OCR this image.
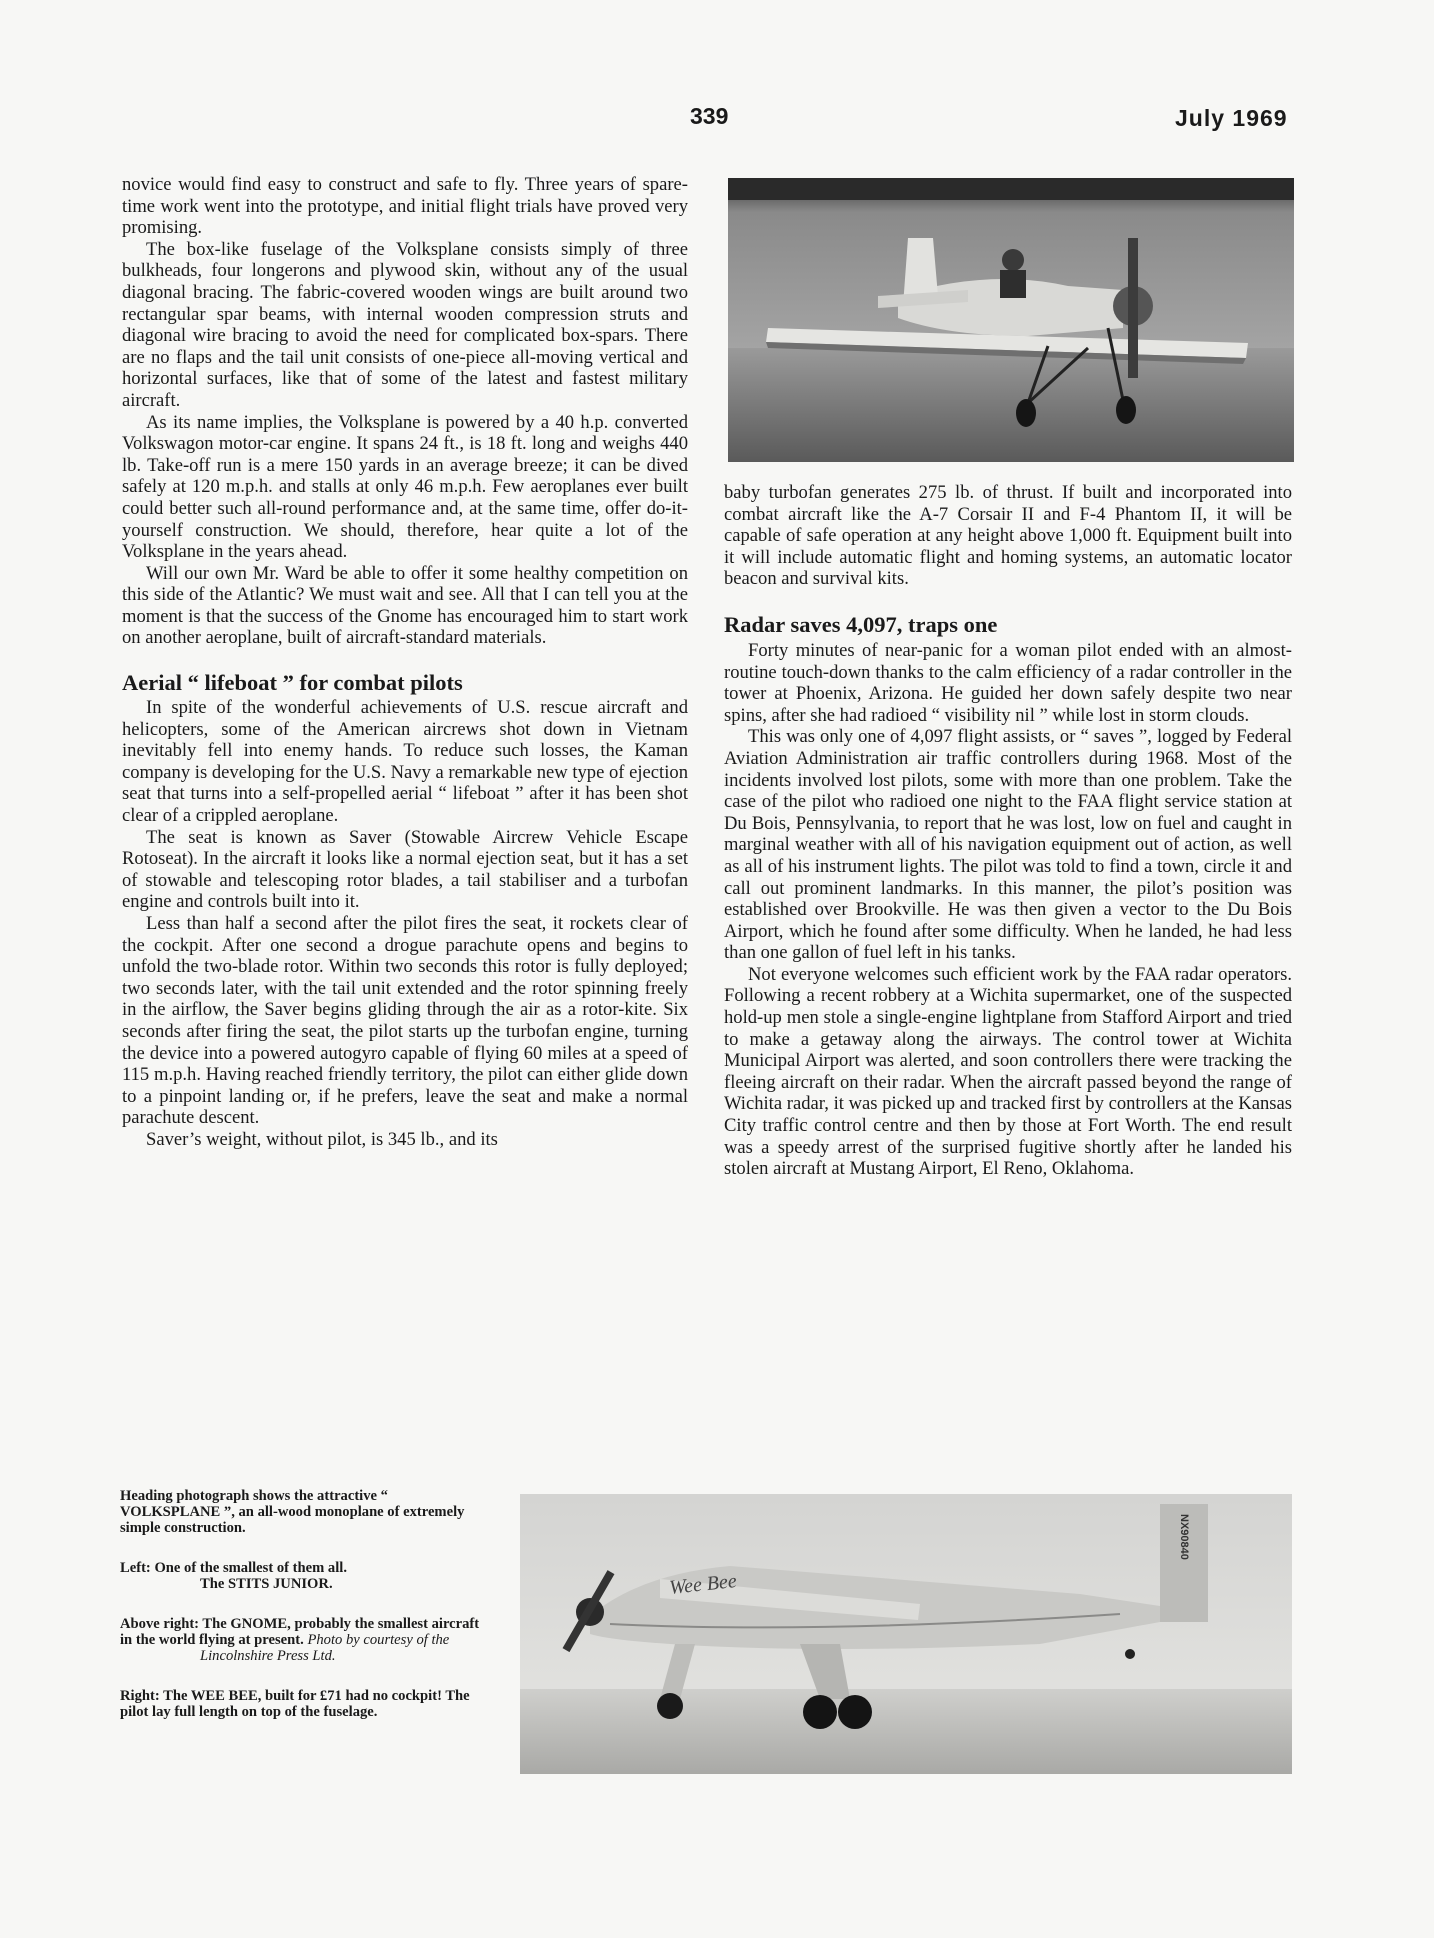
339	July 1969

novice would find easy to construct and safe to fly. Three years of spare-time work went into the prototype, and initial flight trials have proved very promising.

The box-like fuselage of the Volksplane consists simply of three bulkheads, four longerons and plywood skin, without any of the usual diagonal bracing. The fabric-covered wooden wings are built around two rectangular spar beams, with internal wooden compression struts and diagonal wire bracing to avoid the need for complicated box-spars. There are no flaps and the tail unit consists of one-piece all-moving vertical and horizontal surfaces, like that of some of the latest and fastest military aircraft.

As its name implies, the Volksplane is powered by a 40 h.p. converted Volkswagon motor-car engine. It spans 24 ft., is 18 ft. long and weighs 440 lb. Take-off run is a mere 150 yards in an average breeze; it can be dived safely at 120 m.p.h. and stalls at only 46 m.p.h. Few aeroplanes ever built could better such all-round performance and, at the same time, offer do-it-yourself construction. We should, therefore, hear quite a lot of the Volksplane in the years ahead.

Will our own Mr. Ward be able to offer it some healthy competition on this side of the Atlantic? We must wait and see. All that I can tell you at the moment is that the success of the Gnome has encouraged him to start work on another aeroplane, built of aircraft-standard materials.

Aerial “ lifeboat ” for combat pilots

In spite of the wonderful achievements of U.S. rescue aircraft and helicopters, some of the American aircrews shot down in Vietnam inevitably fell into enemy hands. To reduce such losses, the Kaman company is developing for the U.S. Navy a remarkable new type of ejection seat that turns into a self-propelled aerial “ lifeboat ” after it has been shot clear of a crippled aeroplane.

The seat is known as Saver (Stowable Aircrew Vehicle Escape Rotoseat). In the aircraft it looks like a normal ejection seat, but it has a set of stowable and telescoping rotor blades, a tail stabiliser and a turbofan engine and controls built into it.

Less than half a second after the pilot fires the seat, it rockets clear of the cockpit. After one second a drogue parachute opens and begins to unfold the two-blade rotor. Within two seconds this rotor is fully deployed; two seconds later, with the tail unit extended and the rotor spinning freely in the airflow, the Saver begins gliding through the air as a rotor-kite. Six seconds after firing the seat, the pilot starts up the turbofan engine, turning the device into a powered autogyro capable of flying 60 miles at a speed of 115 m.p.h. Having reached friendly territory, the pilot can either glide down to a pinpoint landing or, if he prefers, leave the seat and make a normal parachute descent.

Saver’s weight, without pilot, is 345 lb., and its

baby turbofan generates 275 lb. of thrust. If built and incorporated into combat aircraft like the A-7 Corsair II and F-4 Phantom II, it will be capable of safe operation at any height above 1,000 ft. Equipment built into it will include automatic flight and homing systems, an automatic locator beacon and survival kits.

Radar saves 4,097, traps one

Forty minutes of near-panic for a woman pilot ended with an almost-routine touch-down thanks to the calm efficiency of a radar controller in the tower at Phoenix, Arizona. He guided her down safely despite two near spins, after she had radioed “ visibility nil ” while lost in storm clouds.

This was only one of 4,097 flight assists, or “ saves ”, logged by Federal Aviation Administration air traffic controllers during 1968. Most of the incidents involved lost pilots, some with more than one problem. Take the case of the pilot who radioed one night to the FAA flight service station at Du Bois, Pennsylvania, to report that he was lost, low on fuel and caught in marginal weather with all of his navigation equipment out of action, as well as all of his instrument lights. The pilot was told to find a town, circle it and call out prominent landmarks. In this manner, the pilot’s position was established over Brookville. He was then given a vector to the Du Bois Airport, which he found after some difficulty. When he landed, he had less than one gallon of fuel left in his tanks.

Not everyone welcomes such efficient work by the FAA radar operators. Following a recent robbery at a Wichita supermarket, one of the suspected hold-up men stole a single-engine lightplane from Stafford Airport and tried to make a getaway along the airways. The control tower at Wichita Municipal Airport was alerted, and soon controllers there were tracking the fleeing aircraft on their radar. When the aircraft passed beyond the range of Wichita radar, it was picked up and tracked first by controllers at the Kansas City traffic control centre and then by those at Fort Worth. The end result was a speedy arrest of the surprised fugitive shortly after he landed his stolen aircraft at Mustang Airport, El Reno, Oklahoma.

Heading photograph shows the attractive “ VOLKSPLANE ”, an all-wood monoplane of extremely simple construction.

Left: One of the smallest of them all.
The STITS JUNIOR.

Above right: The GNOME, probably the smallest aircraft in the world flying at present. Photo by courtesy of the
Lincolnshire Press Ltd.

Right: The WEE BEE, built for £71 had no cockpit! The pilot lay full length on top of the fuselage.

NX90840
Wee Bee
